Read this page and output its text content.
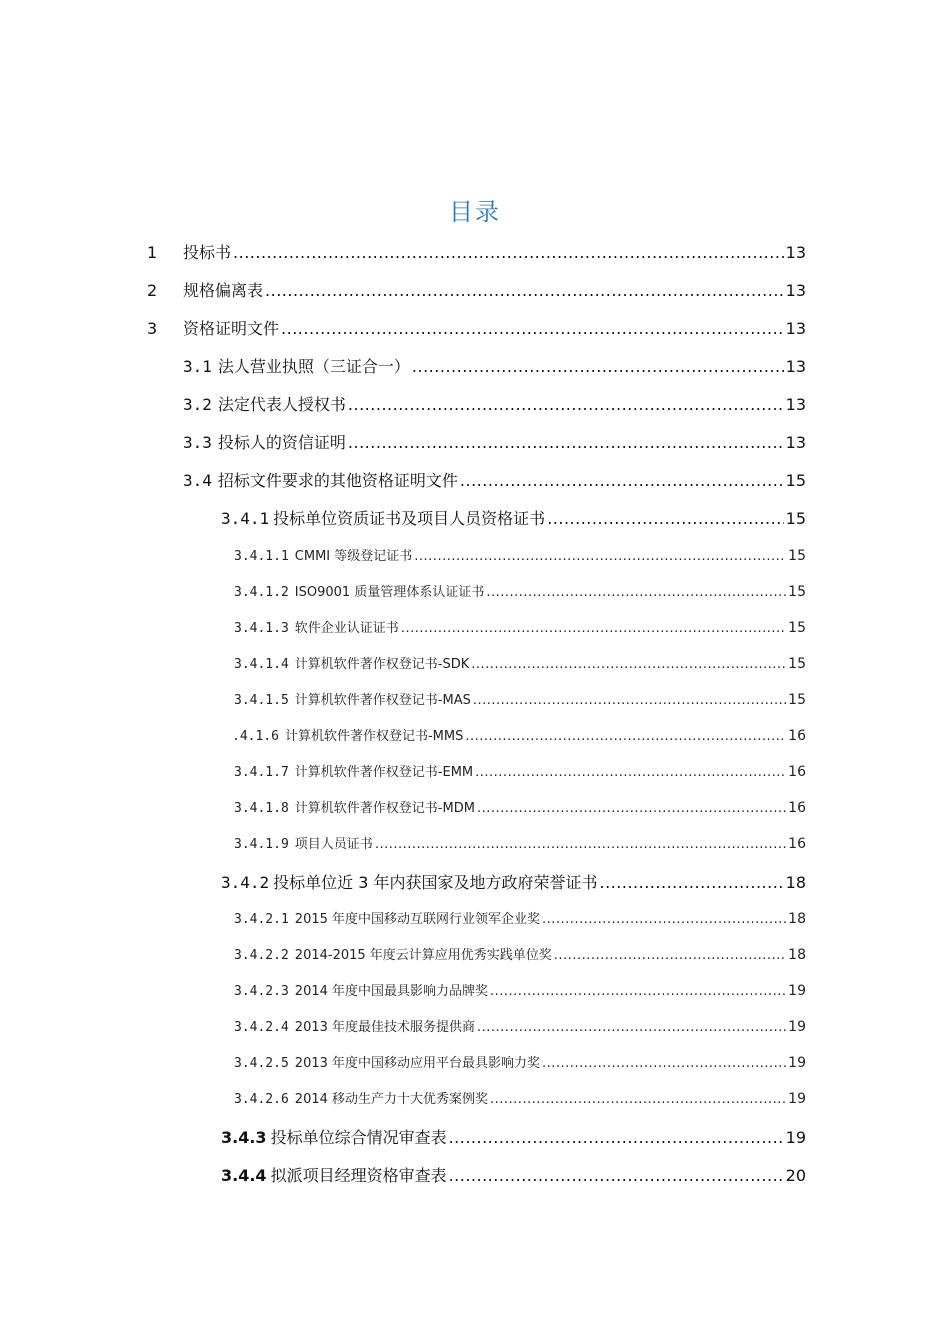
目录
1	投标书 .....	13
2	规格偏离表 .....	13
3	资格证明文件 .....	13
3.1 法人营业执照（三证合一） .....	13
3.2 法定代表人授权书 .....	13
3.3 投标人的资信证明 .....	13
3.4 招标文件要求的其他资格证明文件 .....	15
3.4.1 投标单位资质证书及项目人员资格证书 .....	15
3.4.1.1 CMMI 等级登记证书 .....	15
3.4.1.2 ISO9001 质量管理体系认证证书 .....	15
3.4.1.3 软件企业认证证书 .....	15
3.4.1.4 计算机软件著作权登记书-SDK .....	15
3.4.1.5 计算机软件著作权登记书-MAS .....	15
.4.1.6 计算机软件著作权登记书-MMS .....	16
3.4.1.7 计算机软件著作权登记书-EMM .....	16
3.4.1.8 计算机软件著作权登记书-MDM .....	16
3.4.1.9 项目人员证书 .....	16
3.4.2 投标单位近 3 年内获国家及地方政府荣誉证书 .....	18
3.4.2.1 2015 年度中国移动互联网行业领军企业奖 .....	18
3.4.2.2 2014-2015 年度云计算应用优秀实践单位奖 .....	18
3.4.2.3 2014 年度中国最具影响力品牌奖 .....	19
3.4.2.4 2013 年度最佳技术服务提供商 .....	19
3.4.2.5 2013 年度中国移动应用平台最具影响力奖 .....	19
3.4.2.6 2014 移动生产力十大优秀案例奖 .....	19
3.4.3 投标单位综合情况审查表 .....	19
3.4.4 拟派项目经理资格审查表 .....	20
